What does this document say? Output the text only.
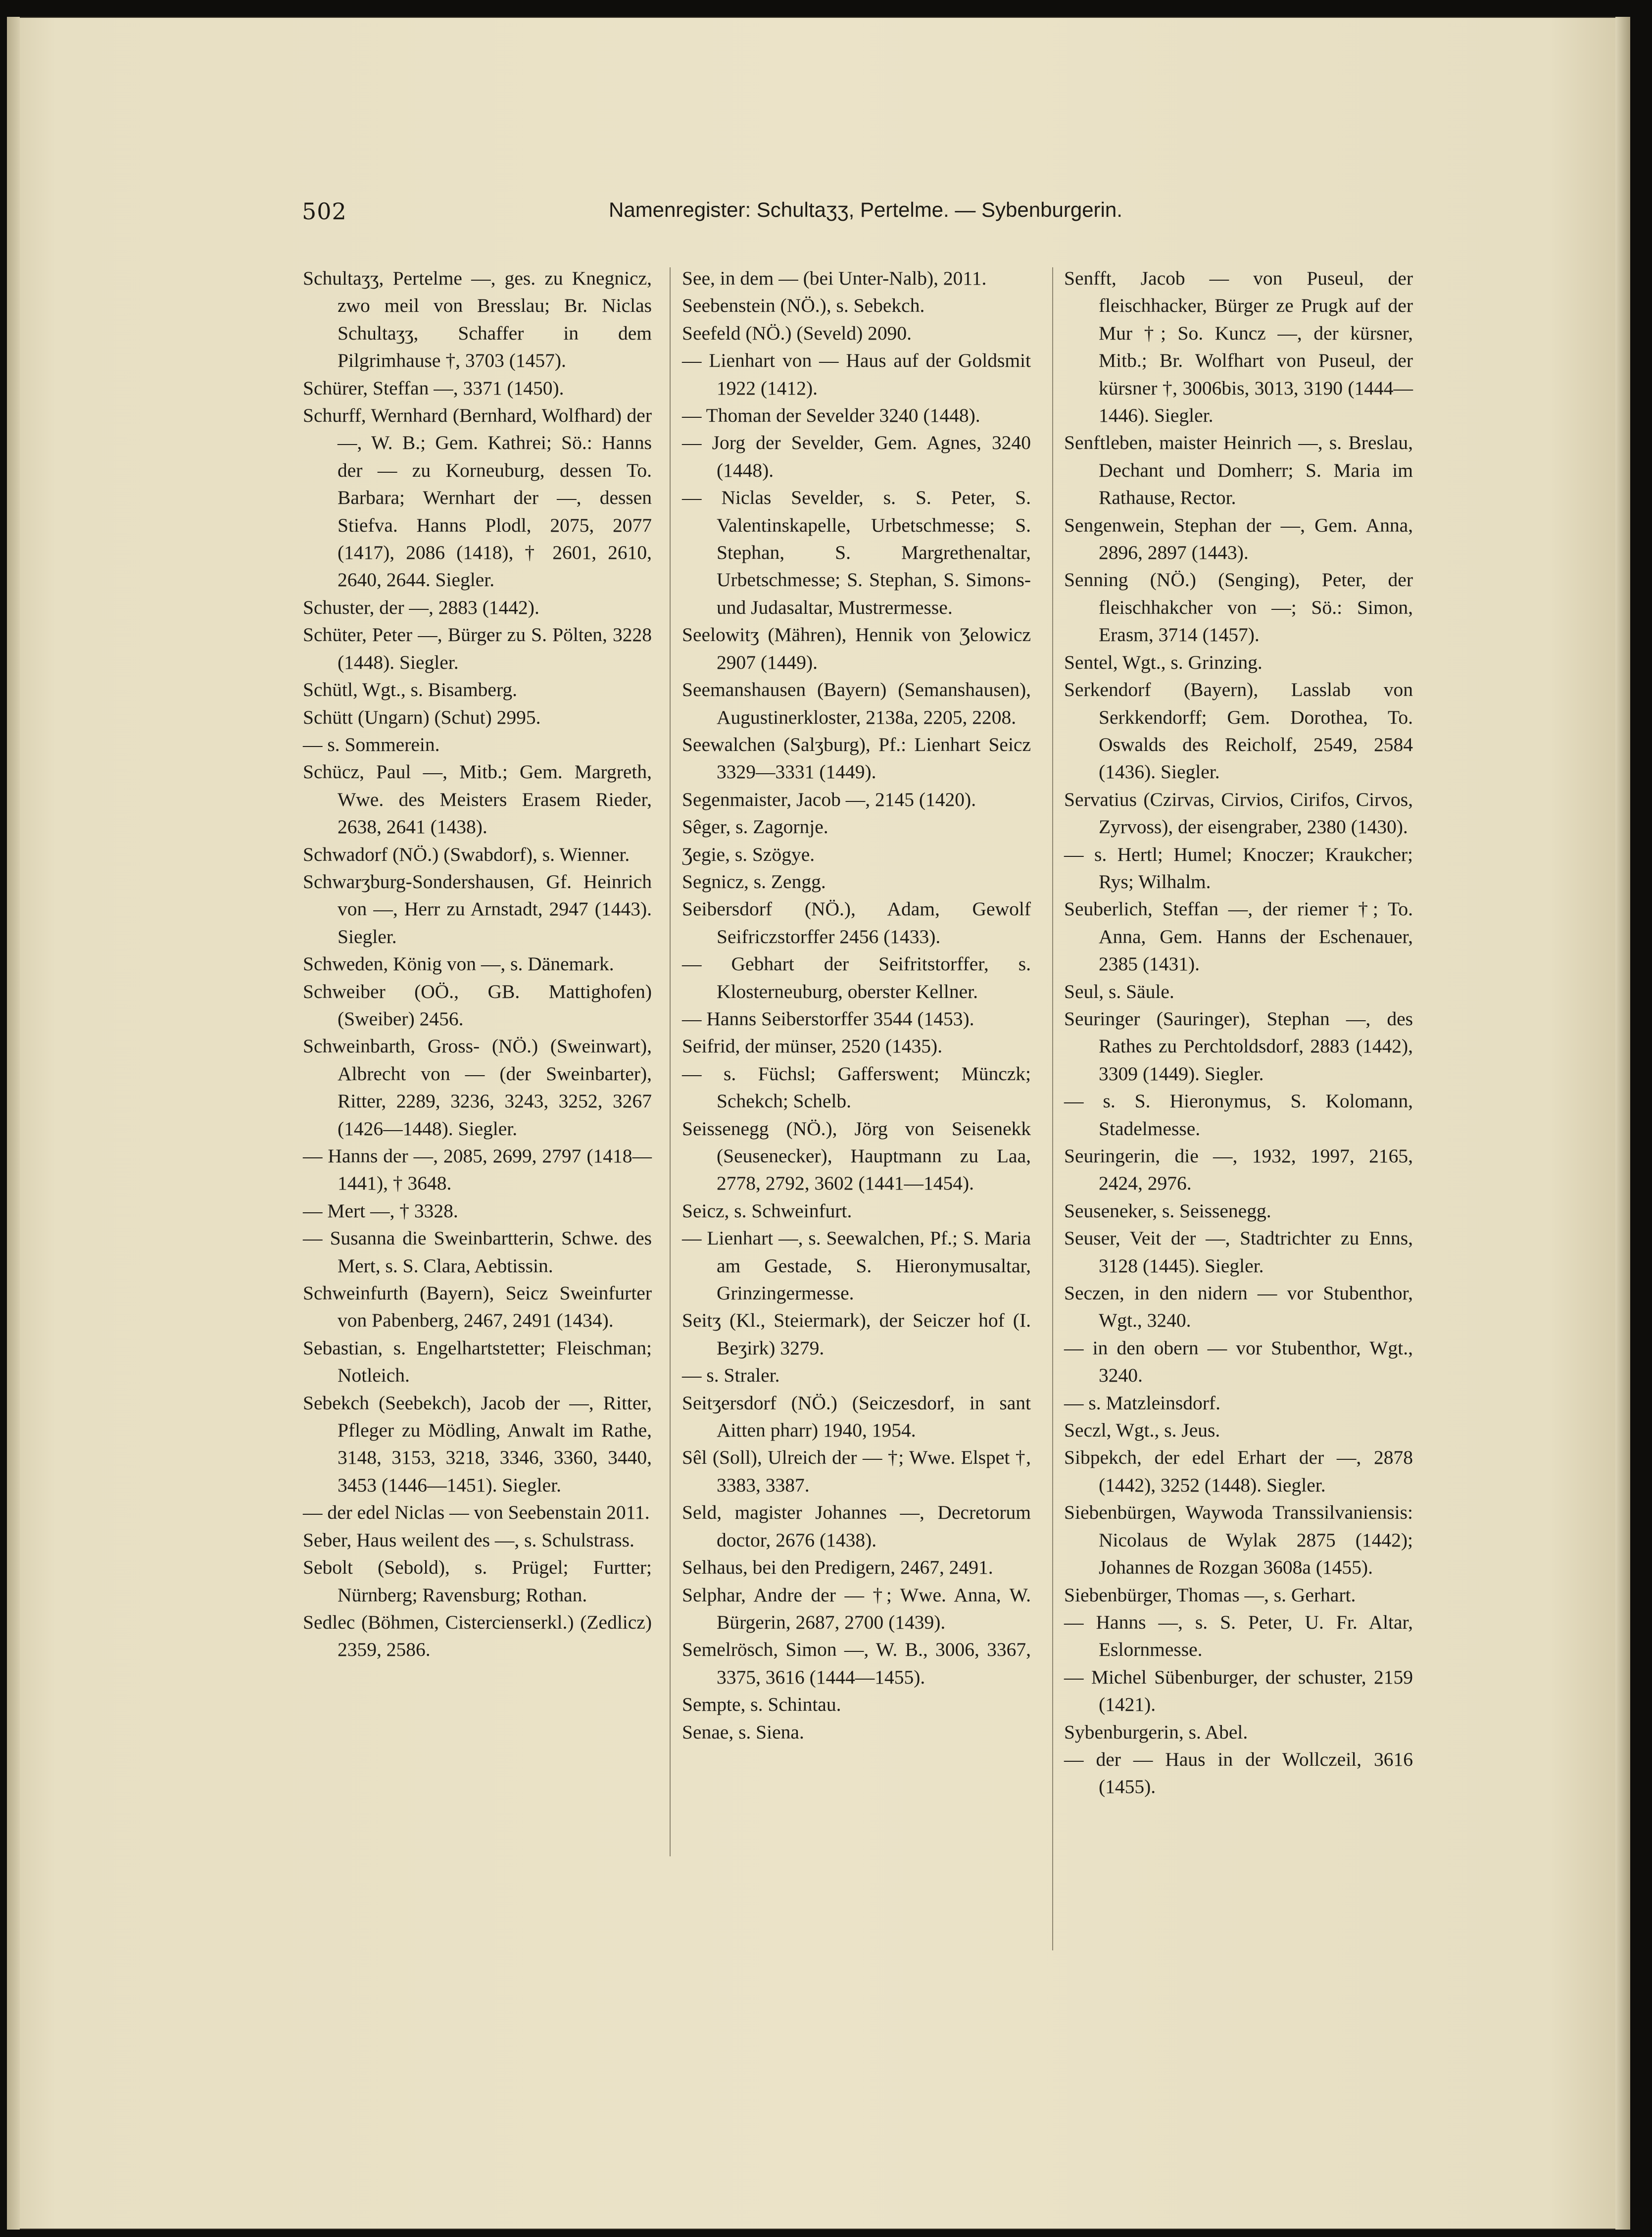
502	Namenregister: Schultaʒʒ, Pertelme. — Sybenburgerin.

Schultaʒʒ, Pertelme —, ges. zu Knegnicz, zwo meil von Bresslau; Br. Niclas Schultaʒʒ, Schaffer in dem Pilgrimhause †, 3703 (1457).

Schürer, Steffan —, 3371 (1450).

Schurff, Wernhard (Bernhard, Wolfhard) der —, W. B.; Gem. Kathrei; Sö.: Hanns der — zu Korneuburg, dessen To. Barbara; Wernhart der —, dessen Stiefva. Hanns Plodl, 2075, 2077 (1417), 2086 (1418), † 2601, 2610, 2640, 2644. Siegler.

Schuster, der —, 2883 (1442).

Schüter, Peter —, Bürger zu S. Pölten, 3228 (1448). Siegler.

Schütl, Wgt., s. Bisamberg.

Schütt (Ungarn) (Schut) 2995.

— s. Sommerein.

Schücz, Paul —, Mitb.; Gem. Margreth, Wwe. des Meisters Erasem Rieder, 2638, 2641 (1438).

Schwadorf (NÖ.) (Swabdorf), s. Wienner.

Schwarʒburg-Sondershausen, Gf. Heinrich von —, Herr zu Arnstadt, 2947 (1443). Siegler.

Schweden, König von —, s. Dänemark.

Schweiber (OÖ., GB. Mattighofen) (Sweiber) 2456.

Schweinbarth, Gross- (NÖ.) (Sweinwart), Albrecht von — (der Sweinbarter), Ritter, 2289, 3236, 3243, 3252, 3267 (1426—1448). Siegler.

— Hanns der —, 2085, 2699, 2797 (1418—1441), † 3648.

— Mert —, † 3328.

— Susanna die Sweinbartterin, Schwe. des Mert, s. S. Clara, Aebtissin.

Schweinfurth (Bayern), Seicz Sweinfurter von Pabenberg, 2467, 2491 (1434).

Sebastian, s. Engelhartstetter; Fleischman; Notleich.

Sebekch (Seebekch), Jacob der —, Ritter, Pfleger zu Mödling, Anwalt im Rathe, 3148, 3153, 3218, 3346, 3360, 3440, 3453 (1446—1451). Siegler.

— der edel Niclas — von Seebenstain 2011.

Seber, Haus weilent des —, s. Schulstrass.

Sebolt (Sebold), s. Prügel; Furtter; Nürnberg; Ravensburg; Rothan.

Sedlec (Böhmen, Cistercienserkl.) (Zedlicz) 2359, 2586.

See, in dem — (bei Unter-Nalb), 2011.

Seebenstein (NÖ.), s. Sebekch.

Seefeld (NÖ.) (Seveld) 2090.

— Lienhart von — Haus auf der Goldsmit 1922 (1412).

— Thoman der Sevelder 3240 (1448).

— Jorg der Sevelder, Gem. Agnes, 3240 (1448).

— Niclas Sevelder, s. S. Peter, S. Valentinskapelle, Urbetschmesse; S. Stephan, S. Margrethenaltar, Urbetschmesse; S. Stephan, S. Simons- und Judasaltar, Mustrermesse.

Seelowitʒ (Mähren), Hennik von Ʒelowicz 2907 (1449).

Seemanshausen (Bayern) (Semanshausen), Augustinerkloster, 2138a, 2205, 2208.

Seewalchen (Salʒburg), Pf.: Lienhart Seicz 3329—3331 (1449).

Segenmaister, Jacob —, 2145 (1420).

Sêger, s. Zagornje.

Ʒegie, s. Szögye.

Segnicz, s. Zengg.

Seibersdorf (NÖ.), Adam, Gewolf Seifriczstorffer 2456 (1433).

— Gebhart der Seifritstorffer, s. Klosterneuburg, oberster Kellner.

— Hanns Seiberstorffer 3544 (1453).

Seifrid, der münser, 2520 (1435).

— s. Füchsl; Gafferswent; Münczk; Schekch; Schelb.

Seissenegg (NÖ.), Jörg von Seisenekk (Seusenecker), Hauptmann zu Laa, 2778, 2792, 3602 (1441—1454).

Seicz, s. Schweinfurt.

— Lienhart —, s. Seewalchen, Pf.; S. Maria am Gestade, S. Hieronymusaltar, Grinzingermesse.

Seitʒ (Kl., Steiermark), der Seiczer hof (I. Beʒirk) 3279.

— s. Straler.

Seitʒersdorf (NÖ.) (Seiczesdorf, in sant Aitten pharr) 1940, 1954.

Sêl (Soll), Ulreich der — †; Wwe. Elspet †, 3383, 3387.

Seld, magister Johannes —, Decretorum doctor, 2676 (1438).

Selhaus, bei den Predigern, 2467, 2491.

Selphar, Andre der — †; Wwe. Anna, W. Bürgerin, 2687, 2700 (1439).

Semelrösch, Simon —, W. B., 3006, 3367, 3375, 3616 (1444—1455).

Sempte, s. Schintau.

Senae, s. Siena.

Senfft, Jacob — von Puseul, der fleischhacker, Bürger ze Prugk auf der Mur †; So. Kuncz —, der kürsner, Mitb.; Br. Wolfhart von Puseul, der kürsner †, 3006bis, 3013, 3190 (1444—1446). Siegler.

Senftleben, maister Heinrich —, s. Breslau, Dechant und Domherr; S. Maria im Rathause, Rector.

Sengenwein, Stephan der —, Gem. Anna, 2896, 2897 (1443).

Senning (NÖ.) (Senging), Peter, der fleischhakcher von —; Sö.: Simon, Erasm, 3714 (1457).

Sentel, Wgt., s. Grinzing.

Serkendorf (Bayern), Lasslab von Serkkendorff; Gem. Dorothea, To. Oswalds des Reicholf, 2549, 2584 (1436). Siegler.

Servatius (Czirvas, Cirvios, Cirifos, Cirvos, Zyrvoss), der eisengraber, 2380 (1430).

— s. Hertl; Humel; Knoczer; Kraukcher; Rys; Wilhalm.

Seuberlich, Steffan —, der riemer †; To. Anna, Gem. Hanns der Eschenauer, 2385 (1431).

Seul, s. Säule.

Seuringer (Sauringer), Stephan —, des Rathes zu Perchtoldsdorf, 2883 (1442), 3309 (1449). Siegler.

— s. S. Hieronymus, S. Kolomann, Stadelmesse.

Seuringerin, die —, 1932, 1997, 2165, 2424, 2976.

Seuseneker, s. Seissenegg.

Seuser, Veit der —, Stadtrichter zu Enns, 3128 (1445). Siegler.

Seczen, in den nidern — vor Stubenthor, Wgt., 3240.

— in den obern — vor Stubenthor, Wgt., 3240.

— s. Matzleinsdorf.

Seczl, Wgt., s. Jeus.

Sibpekch, der edel Erhart der —, 2878 (1442), 3252 (1448). Siegler.

Siebenbürgen, Waywoda Transsilvaniensis: Nicolaus de Wylak 2875 (1442); Johannes de Rozgan 3608a (1455).

Siebenbürger, Thomas —, s. Gerhart.

— Hanns —, s. S. Peter, U. Fr. Altar, Eslornmesse.

— Michel Sübenburger, der schuster, 2159 (1421).

Sybenburgerin, s. Abel.

— der — Haus in der Wollczeil, 3616 (1455).
